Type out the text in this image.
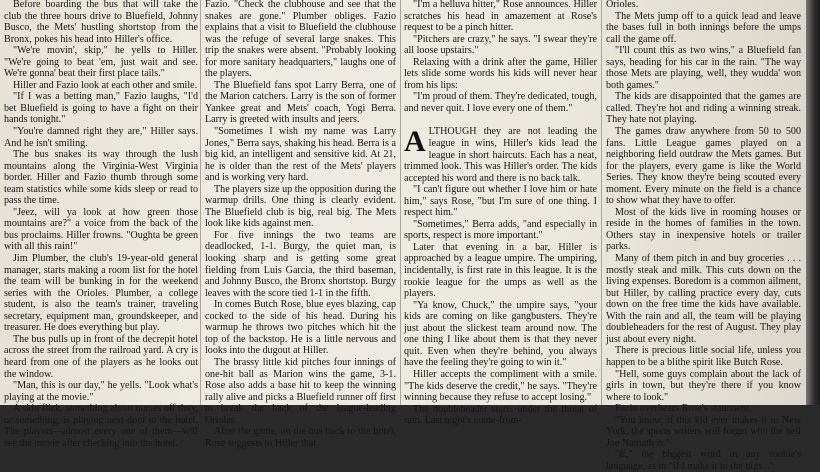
Before boarding the bus that will take the club the three hours drive to Bluefield, Johnny Busco, the Mets' hustling shortstop from the Bronx, pokes his head into Hiller's office.

"We're movin', skip," he yells to Hiller. "We're going to beat 'em, just wait and see. We're gonna' beat their first place tails."

Hiller and Fazio look at each other and smile.

"If I was a betting man," Fazio laughs, "I'd bet Bluefield is going to have a fight on their hands tonight."

"You're damned right they are," Hiller says. And he isn't smiling.

The bus snakes its way through the lush mountains along the Virginia-West Virginia border. Hiller and Fazio thumb through some team statistics while some kids sleep or read to pass the time.

"Jeez, will ya look at how green those mountains are?" a voice from the back of the bus proclaims. Hiller frowns. "Oughta be green with all this rain!"

Jim Plumber, the club's 19-year-old general manager, starts making a room list for the hotel the team will be bunking in for the weekend series with the Orioles. Plumber, a college student, is also the team's trainer, traveling secretary, equipment man, groundskeeper, and treasurer. He does everything but play.

The bus pulls up in front of the decrepit hotel across the street from the railroad yard. A cry is heard from one of the players as he looks out the window.

"Man, this is our day," he yells. "Look what's playing at the movie."

A skin flick, something about nurses off duty, or something, is playing next door to the hotel. The players—almost every one of them—will see the movie after checking into the hotel.

Fazio. "Check the clubhouse and see that the snakes are gone." Plumber obliges. Fazio explains that a visit to Bluefield the clubhouse was the refuge of several large snakes. This trip the snakes were absent. "Probably looking for more sanitary headquarters," laughs one of the players.

The Bluefield fans spot Larry Berra, one of the Marion catchers. Larry is the son of former Yankee great and Mets' coach, Yogi Berra. Larry is greeted with insults and jeers.

"Sometimes I wish my name was Larry Jones," Berra says, shaking his head. Berra is a big kid, an intelligent and sensitive kid. At 21, he is older than the rest of the Mets' players and is working very hard.

The players size up the opposition during the warmup drills. One thing is clearly evident. The Bluefield club is big, real big. The Mets look like kids against men.

For five innings the two teams are deadlocked, 1-1. Burgy, the quiet man, is looking sharp and is getting some great fielding from Luis Garcia, the third baseman, and Johnny Busco, the Bronx shortstop. Burgy leaves with the score tied 1-1 in the fifth.

In comes Butch Rose, blue eyes blazing, cap cocked to the side of his head. During his warmup he throws two pitches which hit the top of the backstop. He is a little nervous and looks into the dugout at Hiller.

The brassy little kid pitches four innings of one-hit ball as Marion wins the game, 3-1. Rose also adds a base hit to keep the winning rally alive and picks a Bluefield runner off first to break the back of the league-leading Orioles.

After the game, on the bus back to the hotel, Rose suggests to Hiller that

"I'm a helluva hitter," Rose announces. Hiller scratches his head in amazement at Rose's request to be a pinch hitter.

"Pitchers are crazy," he says. "I swear they're all loose upstairs."

Relaxing with a drink after the game, Hiller lets slide some words his kids will never hear from his lips:

"I'm proud of them. They're dedicated, tough, and never quit. I love every one of them."

ALTHOUGH they are not leading the league in wins, Hiller's kids lead the league in short haircuts. Each has a neat, trimmed look. This was Hiller's order. The kids accepted his word and there is no back talk.

"I can't figure out whether I love him or hate him," says Rose, "but I'm sure of one thing. I respect him."

"Sometimes," Berra adds, "and especially in sports, respect is more important."

Later that evening in a bar, Hiller is approached by a league umpire. The umpiring, incidentally, is first rate in this league. It is the rookie league for the umps as well as the players.

"Ya know, Chuck," the umpire says, "your kids are coming on like gangbusters. They're just about the slickest team around now. The one thing I like about them is that they never quit. Even when they're behind, you always have the feeling they're going to win it."

Hiller accepts the compliment with a smile. "The kids deserve the credit," he says. "They're winning because they refuse to accept losing."

The doubleheader starts under the threat of rain. Last night's come-from-

Orioles.

The Mets jump off to a quick lead and leave the bases full in both innings before the umps call the game off.

"I'll count this as two wins," a Bluefield fan says, heading for his car in the rain. "The way those Mets are playing, well, they wudda' won both games."

The kids are disappointed that the games are called. They're hot and riding a winning streak. They hate not playing.

The games draw anywhere from 50 to 500 fans. Little League games played on a neighboring field outdraw the Mets games. But for the players, every game is like the World Series. They know they're being scouted every moment. Every minute on the field is a chance to show what they have to offer.

Most of the kids live in rooming houses or reside in the homes of families in the town. Others stay in inexpensive hotels or trailer parks.

Many of them pitch in and buy groceries . . . mostly steak and milk. This cuts down on the living expenses. Boredom is a common ailment, but Hiller, by calling practice every day, cuts down on the free time the kids have available. With the rain and all, the team will be playing doubleheaders for the rest of August. They play just about every night.

There is precious little social life, unless you happen to be a blithe spirit like Butch Rose.

"Hell, some guys complain about the lack of girls in town, but they're there if you know where to look."

Fazio overhears Rose's statement.

"You know, if this kid ever makes it to New York, the sports writers will forget who the hell Joe Namath is."

"If," the biggest word in any rookie's language, as in "if I make it to the bigs..."
